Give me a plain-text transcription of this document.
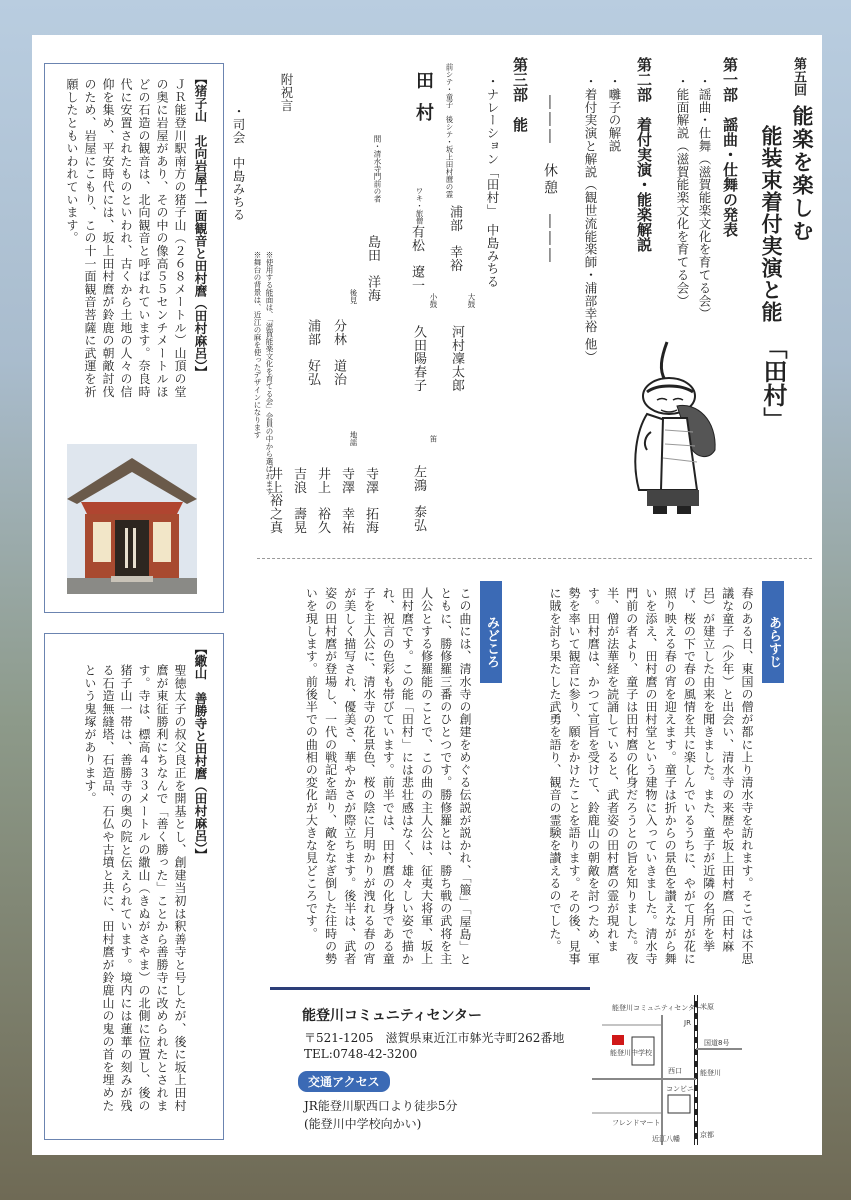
第五回
能楽を楽しむ
能装束着付実演と能
「田村」
第一部　謡曲・仕舞の発表
・謡曲・仕舞（滋賀能楽文化を育てる会）
・能面解説（滋賀能楽文化を育てる会）
第二部　着付実演・能楽解説
・囃子の解説
・着付実演と解説（観世流能楽師・浦部幸裕 他）
―――　休憩　―――
第三部　能
・ナレーション「田村」　中島みちる
田村 前シテ・童子　後シテ・坂上田村麿の霊
浦部　幸裕
ワキ・旅僧
有松　遼一
間・清水寺門前の者
島田　洋海	大鼓
河村凜太郎
小鼓
久田陽春子
笛
左鴻　泰弘
後見
分林　道治
浦部　好弘
地謡
寺澤　拓海
寺澤　幸祐
井上　裕久
吉浪　壽晃
井上裕之真
※使用する能面は、「滋賀能楽文化を育てる会」会員の中から選ばれます
※舞台の背景は、近江の麻を使ったデザインになります
附祝言
・司会　中島みちる
【猪子山　北向岩屋十一面観音と田村麿（田村麻呂）】
ＪＲ能登川駅南方の猪子山（２６８メートル）山頂の堂の奥に岩屋があり、その中の像高５５センチメートルほどの石造の観音は、北向観音と呼ばれています。奈良時代に安置されたものといわれ、古くから土地の人々の信仰を集め、平安時代には、坂上田村麿が鈴鹿の朝敵討伐のため、岩屋にこもり、この十一面観音菩薩に武運を祈願したともいわれています。
【繖山　善勝寺と田村麿（田村麻呂）】
聖徳太子の叔父良正を開基とし、創建当初は釈善寺と号したが、後に坂上田村麿が東征勝利にちなんで「善く勝った」ことから善勝寺に改められたとされます。寺は、標高４３３メートルの繖山（きぬがさやま）の北側に位置し、後の猪子山一帯は、善勝寺の奥の院と伝えられています。境内には蓮華の刻みが残る石造無縫塔、石造品、石仏や古墳と共に、田村麿が鈴鹿山の鬼の首を埋めたという鬼塚があります。
あらすじ
春のある日、東国の僧が都に上り清水寺を訪れます。そこでは不思議な童子（少年）と出会い、清水寺の来歴や坂上田村麿（田村麻呂）が建立した由来を聞きました。また、童子が近隣の名所を挙げ、桜の下で春の風情を共に楽しんでいるうちに、やがて月が花に照り映える春の宵を迎えます。童子は折からの景色を讃えながら舞いを添え、田村麿の田村堂という建物に入っていきました。清水寺門前の者より、童子は田村麿の化身だろうとの旨を知りました。夜半、僧が法華経を読誦していると、武者姿の田村麿の霊が現れます。田村麿は、かつて宣旨を受けて、鈴鹿山の朝敵を討つため、軍勢を率いて観音に参り、願をかけたことを語ります。その後、見事に賊を討ち果たした武勇を語り、観音の霊験を讃えるのでした。
みどころ
この曲には、清水寺の創建をめぐる伝説が説かれ、「箙」「屋島」とともに、勝修羅三番のひとつです。勝修羅とは、勝ち戦の武将を主人公とする修羅能のことで、この曲の主人公は、征夷大将軍、坂上田村麿です。この能「田村」には悲壮感はなく、雄々しい姿で描かれ、祝言の色彩も帯びています。前半では、田村麿の化身である童子を主人公に、清水寺の花景色、桜の陰に月明かりが洩れる春の宵が美しく描写され、優美さ、華やかさが際立ちます。後半は、武者姿の田村麿が登場し、一代の戦記を語り、敵をなぎ倒した往時の勢いを現します。前後半での曲相の変化が大きな見どころです。
能登川コミュニティセンター
〒521-1205　滋賀県東近江市躰光寺町262番地
TEL:0748-42-3200
交通アクセス
JR能登川駅西口より徒歩5分
(能登川中学校向かい)
能登川コミュニティセンター
能登川中学校
国道8号
コンビニ
能登川
西口
フレンドマート
京都
米原
近江八幡
JR
